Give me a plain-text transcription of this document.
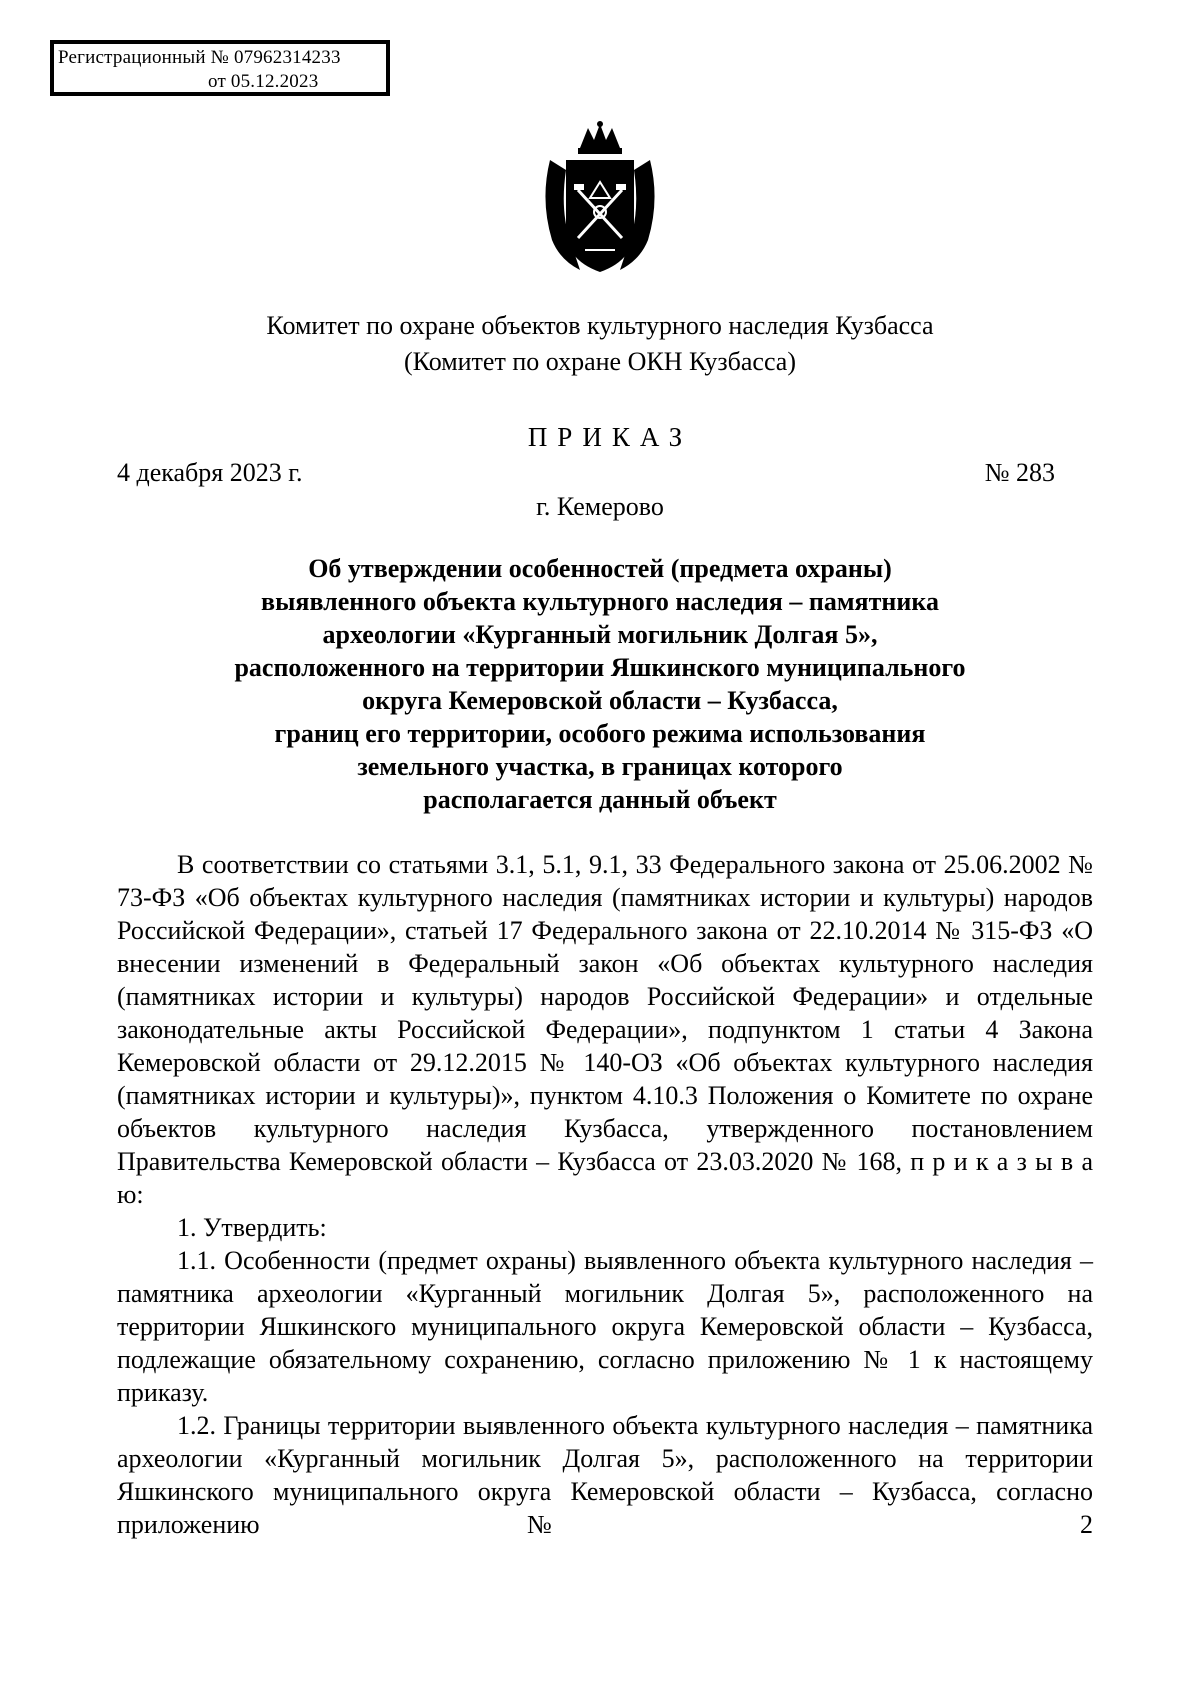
Регистрационный № 07962314233
от 05.12.2023
Комитет по охране объектов культурного наследия Кузбасса
(Комитет по охране ОКН Кузбасса)
ПРИКАЗ
4 декабря 2023 г.	№ 283
г. Кемерово
Об утверждении особенностей (предмета охраны)
выявленного объекта культурного наследия – памятника
археологии «Курганный могильник Долгая 5»,
расположенного на территории Яшкинского муниципального
округа Кемеровской области – Кузбасса,
границ его территории, особого режима использования
земельного участка, в границах которого
располагается данный объект

В соответствии со статьями 3.1, 5.1, 9.1, 33 Федерального закона от 25.06.2002 № 73-ФЗ «Об объектах культурного наследия (памятниках истории и культуры) народов Российской Федерации», статьей 17 Федерального закона от 22.10.2014 № 315-ФЗ «О внесении изменений в Федеральный закон «Об объектах культурного наследия (памятниках истории и культуры) народов Российской Федерации» и отдельные законодательные акты Российской Федерации», подпунктом 1 статьи 4 Закона Кемеровской области от 29.12.2015 № 140-ОЗ «Об объектах культурного наследия (памятниках истории и культуры)», пунктом 4.10.3 Положения о Комитете по охране объектов культурного наследия Кузбасса, утвержденного постановлением Правительства Кемеровской области – Кузбасса от 23.03.2020 № 168, п р и к а з ы в а ю:

1. Утвердить:

1.1. Особенности (предмет охраны) выявленного объекта культурного наследия – памятника археологии «Курганный могильник Долгая 5», расположенного на территории Яшкинского муниципального округа Кемеровской области – Кузбасса, подлежащие обязательному сохранению, согласно приложению № 1 к настоящему приказу.

1.2. Границы территории выявленного объекта культурного наследия – памятника археологии «Курганный могильник Долгая 5», расположенного на территории Яшкинского муниципального округа Кемеровской области – Кузбасса, согласно приложению № 2
